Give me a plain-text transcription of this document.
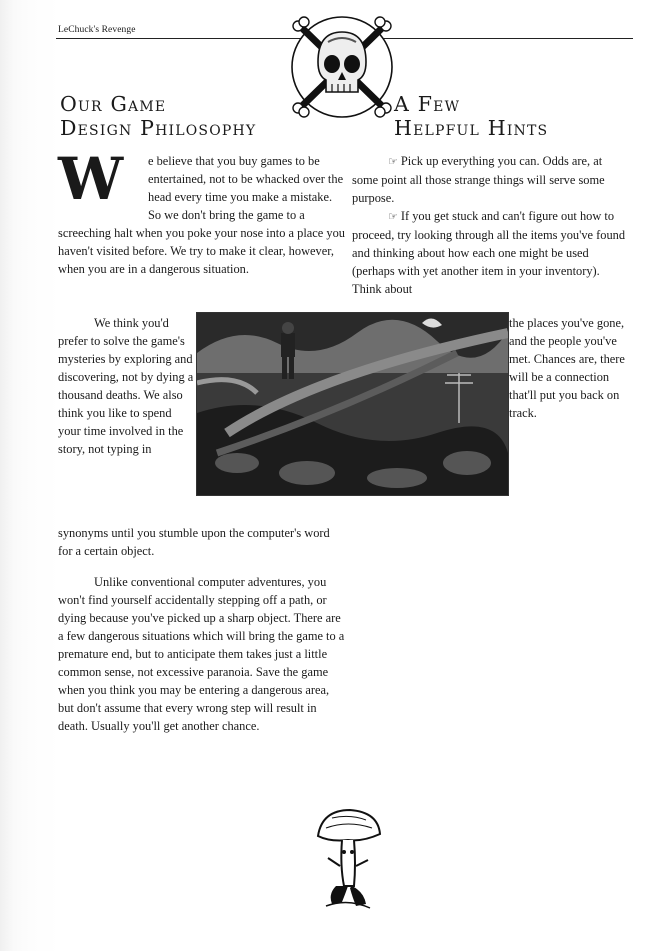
LeChuck's Revenge
Our Game
Design Philosophy
A Few
Helpful Hints

W	e believe that you buy games to be entertained, not to be whacked over the head every time you make a mistake. So we don't bring the game to a screeching halt when you poke your nose into a place you haven't visited before. We try to make it clear, however, when you are in a dangerous situation.

We think you'd prefer to solve the game's mysteries by exploring and discovering, not by dying a thousand deaths. We also think you like to spend your time involved in the story, not typing in

synonyms until you stumble upon the computer's word for a certain object.

Unlike conventional computer adventures, you won't find yourself accidentally stepping off a path, or dying because you've picked up a sharp object. There are a few dangerous situations which will bring the game to a premature end, but to anticipate them takes just a little common sense, not excessive paranoia. Save the game when you think you may be entering a dangerous area, but don't assume that every wrong step will result in death. Usually you'll get another chance.

☞ Pick up everything you can. Odds are, at some point all those strange things will serve some purpose.

☞ If you get stuck and can't figure out how to proceed, try looking through all the items you've found and thinking about how each one might be used (perhaps with yet another item in your inventory). Think about

the places you've gone, and the people you've met. Chances are, there will be a connection that'll put you back on track.
